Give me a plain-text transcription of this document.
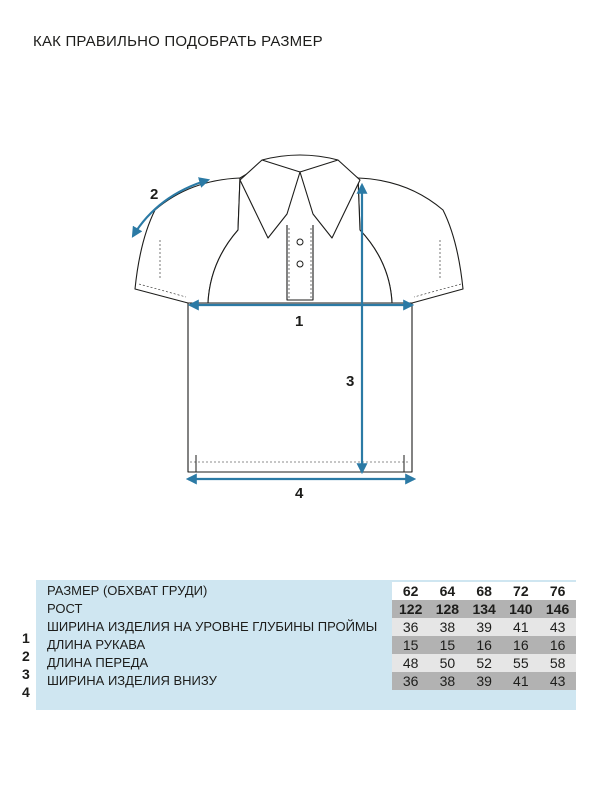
КАК ПРАВИЛЬНО ПОДОБРАТЬ РАЗМЕР
1
2
3
4
РАЗМЕР (ОБХВАТ ГРУДИ)		62	64	68	72	76
РОСТ		122	128	134	140	146
ШИРИНА ИЗДЕЛИЯ НА УРОВНЕ ГЛУБИНЫ ПРОЙМЫ		36	38	39	41	43
ДЛИНА РУКАВА		15	15	16	16	16
ДЛИНА ПЕРЕДА		48	50	52	55	58
ШИРИНА ИЗДЕЛИЯ ВНИЗУ		36	38	39	41	43
1
2
3
4
